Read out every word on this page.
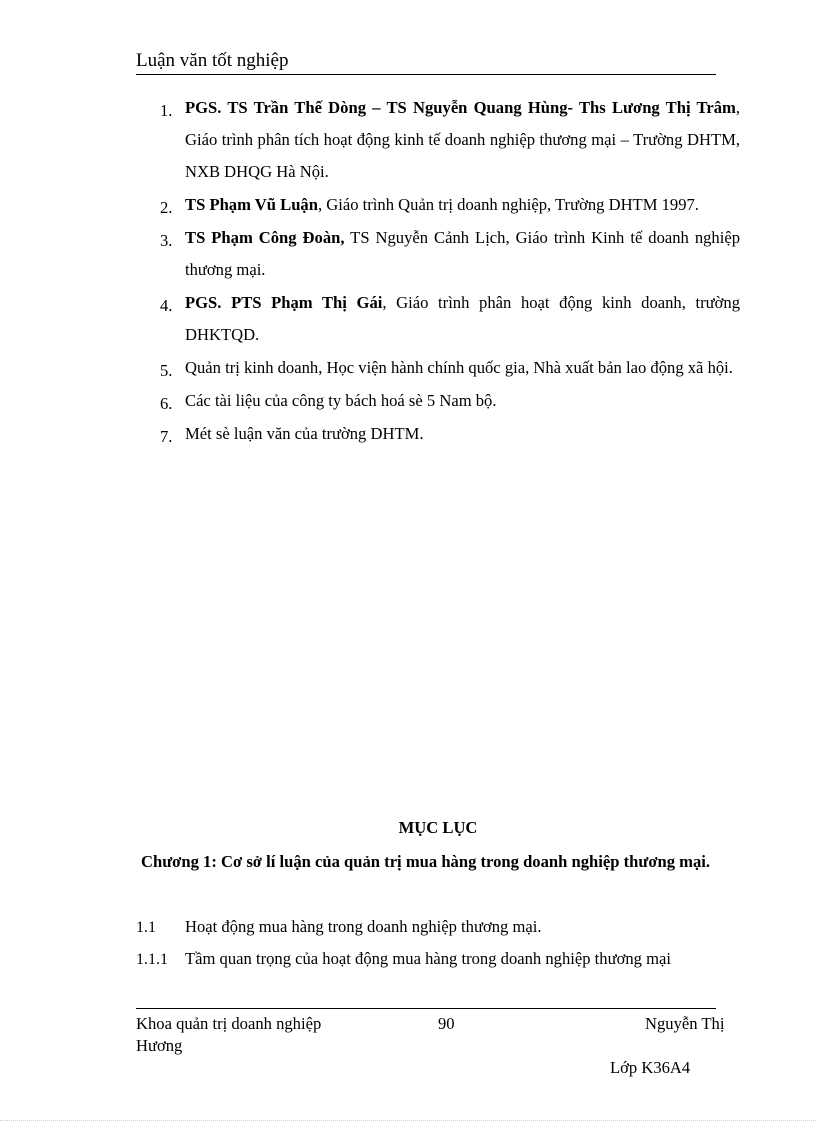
Luận văn tốt nghiệp
1. PGS. TS Trần Thế Dòng – TS Nguyễn Quang Hùng- Ths Lương Thị Trâm, Giáo trình phân tích hoạt động kinh tế doanh nghiệp thương mại – Trường DHTM, NXB DHQG Hà Nội.
2. TS Phạm Vũ Luận, Giáo trình Quản trị doanh nghiệp, Trường DHTM 1997.
3. TS Phạm Công Đoàn, TS Nguyễn Cảnh Lịch, Giáo trình Kinh tế doanh nghiệp thương mại.
4. PGS. PTS Phạm Thị Gái, Giáo trình phân hoạt động kinh doanh, trường DHKTQD.
5. Quản trị kinh doanh, Học viện hành chính quốc gia, Nhà xuất bản lao động xã hội.
6. Các tài liệu của công ty bách hoá sè 5 Nam bộ.
7. Mét sè luận văn của trường DHTM.
MỤC LỤC
Chương 1: Cơ sở lí luận của quản trị mua hàng trong doanh nghiệp thương mại.
1.1	Hoạt động mua hàng trong doanh nghiệp thương mại.
1.1.1	Tầm quan trọng của hoạt động mua hàng trong doanh nghiệp thương mại
Khoa quản trị doanh nghiệp	90	Nguyễn Thị
Hương
Lớp K36A4
